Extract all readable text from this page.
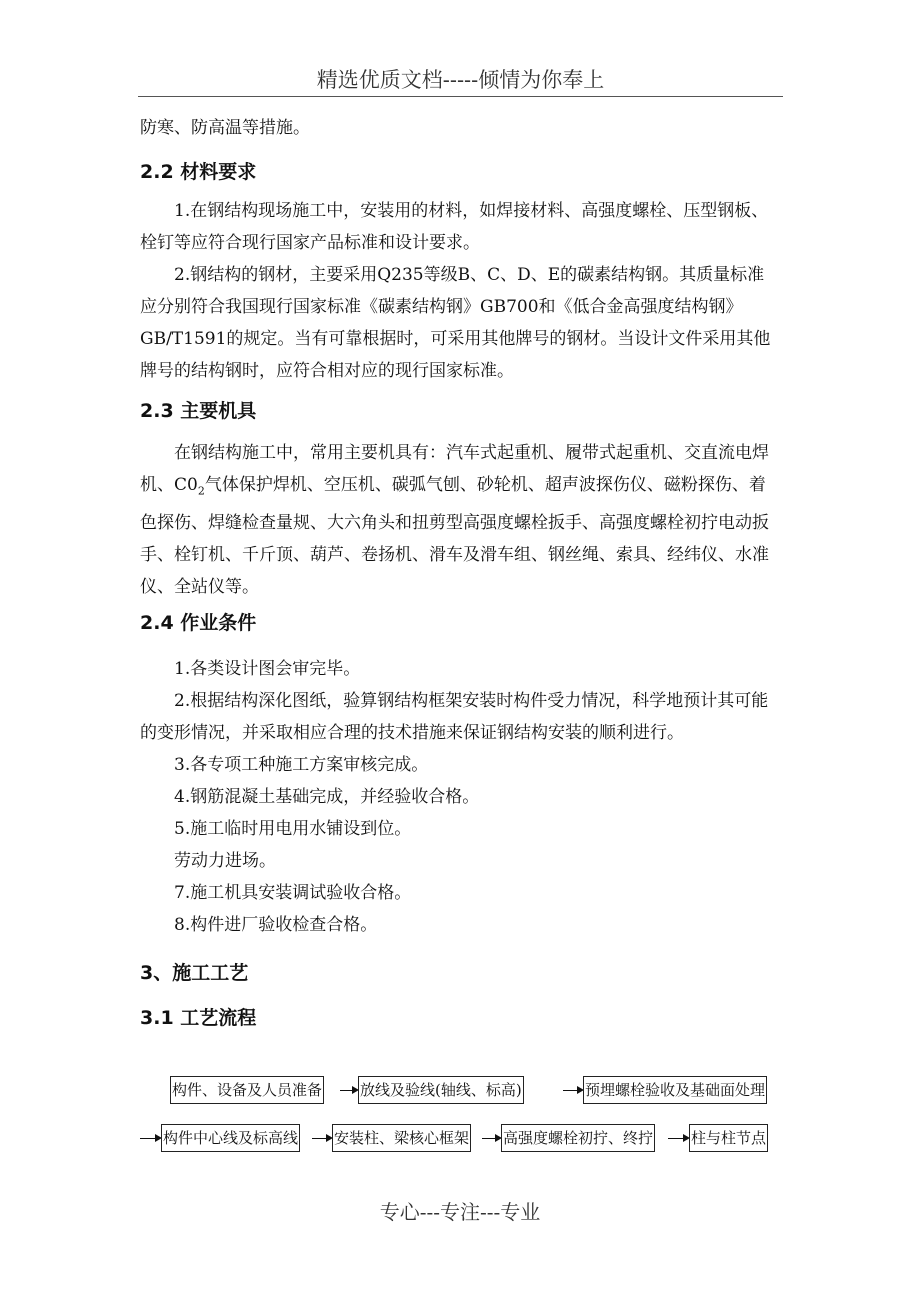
精选优质文档-----倾情为你奉上

防寒、防高温等措施。

2.2 材料要求

1.在钢结构现场施工中，安装用的材料，如焊接材料、高强度螺栓、压型钢板、栓钉等应符合现行国家产品标准和设计要求。

2.钢结构的钢材，主要采用Q235等级B、C、D、E的碳素结构钢。其质量标准应分别符合我国现行国家标准《碳素结构钢》GB700和《低合金高强度结构钢》GB/T1591的规定。当有可靠根据时，可采用其他牌号的钢材。当设计文件采用其他牌号的结构钢时，应符合相对应的现行国家标准。

2.3 主要机具

在钢结构施工中，常用主要机具有：汽车式起重机、履带式起重机、交直流电焊机、$C0_2$气体保护焊机、空压机、碳弧气刨、砂轮机、超声波探伤仪、磁粉探伤、着色探伤、焊缝检查量规、大六角头和扭剪型高强度螺栓扳手、高强度螺栓初拧电动扳手、栓钉机、千斤顶、葫芦、卷扬机、滑车及滑车组、钢丝绳、索具、经纬仪、水准仪、全站仪等。

2.4 作业条件

1.各类设计图会审完毕。

2.根据结构深化图纸，验算钢结构框架安装时构件受力情况，科学地预计其可能的变形情况，并采取相应合理的技术措施来保证钢结构安装的顺利进行。

3.各专项工种施工方案审核完成。

4.钢筋混凝土基础完成，并经验收合格。

5.施工临时用电用水铺设到位。

劳动力进场。

7.施工机具安装调试验收合格。

8.构件进厂验收检查合格。

3、施工工艺

3.1 工艺流程

构件、设备及人员准备	放线及验线(轴线、标高)	预埋螺栓验收及基础面处理
构件中心线及标高线 安装柱、梁核心框架 高强度螺栓初拧、终拧	柱与柱节点
专心---专注---专业
